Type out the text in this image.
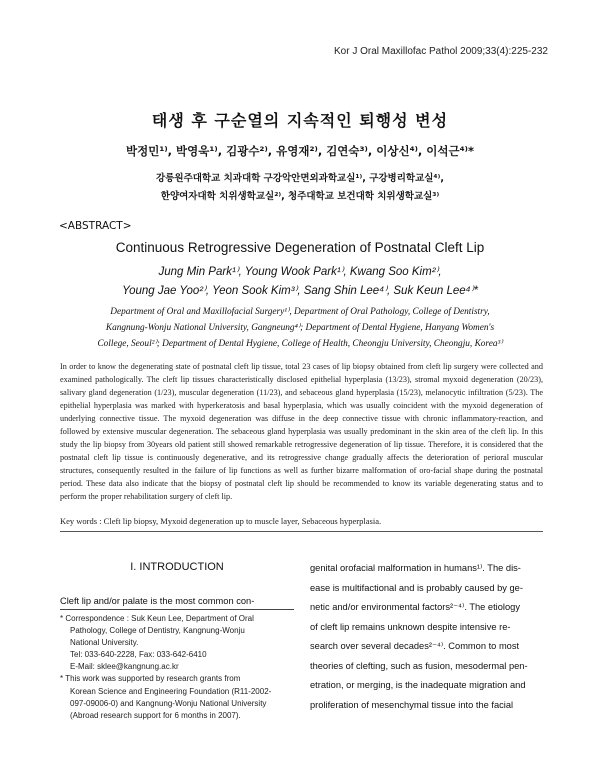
Kor J Oral Maxillofac Pathol 2009;33(4):225-232
태생 후 구순열의 지속적인 퇴행성 변성
박정민¹⁾, 박영욱¹⁾, 김광수²⁾, 유영재²⁾, 김연숙³⁾, 이상신⁴⁾, 이석근⁴⁾*
강릉원주대학교 치과대학 구강악안면외과학교실¹⁾, 구강병리학교실⁴⁾,
한양여자대학 치위생학교실²⁾, 청주대학교 보건대학 치위생학교실³⁾
<ABSTRACT>
Continuous Retrogressive Degeneration of Postnatal Cleft Lip
Jung Min Park¹⁾, Young Wook Park¹⁾, Kwang Soo Kim²⁾,
Young Jae Yoo²⁾, Yeon Sook Kim³⁾, Sang Shin Lee⁴⁾, Suk Keun Lee⁴⁾*
Department of Oral and Maxillofacial Surgery¹⁾, Department of Oral Pathology, College of Dentistry,
Kangnung-Wonju National University, Gangneung⁴⁾; Department of Dental Hygiene, Hanyang Women's
College, Seoul²⁾; Department of Dental Hygiene, College of Health, Cheongju University, Cheongju, Korea³⁾
In order to know the degenerating state of postnatal cleft lip tissue, total 23 cases of lip biopsy obtained from cleft lip surgery were collected and examined pathologically. The cleft lip tissues characteristically disclosed epithelial hyperplasia (13/23), stromal myxoid degeneration (20/23), salivary gland degeneration (1/23), muscular degeneration (11/23), and sebaceous gland hyperplasia (15/23), melanocytic infiltration (5/23). The epithelial hyperplasia was marked with hyperkeratosis and basal hyperplasia, which was usually coincident with the myxoid degeneration of underlying connective tissue. The myxoid degeneration was diffuse in the deep connective tissue with chronic inflammatory-reaction, and followed by extensive muscular degeneration. The sebaceous gland hyperplasia was usually predominant in the skin area of the cleft lip. In this study the lip biopsy from 30years old patient still showed remarkable retrogressive degeneration of lip tissue. Therefore, it is considered that the postnatal cleft lip tissue is continuously degenerative, and its retrogressive change gradually affects the deterioration of perioral muscular structures, consequently resulted in the failure of lip functions as well as further bizarre malformation of oro-facial shape during the postnatal period. These data also indicate that the biopsy of postnatal cleft lip should be recommended to know its variable degenerating status and to perform the proper rehabilitation surgery of cleft lip.
Key words : Cleft lip biopsy, Myxoid degeneration up to muscle layer, Sebaceous hyperplasia.
I. INTRODUCTION
Cleft lip and/or palate is the most common con-
* Correspondence : Suk Keun Lee, Department of Oral
Pathology, College of Dentistry, Kangnung-Wonju
National University.
Tel: 033-640-2228, Fax: 033-642-6410
E-Mail: sklee@kangnung.ac.kr
* This work was supported by research grants from
Korean Science and Engineering Foundation (R11-2002-
097-09006-0) and Kangnung-Wonju National University
(Abroad research support for 6 months in 2007).
genital orofacial malformation in humans¹⁾. The dis-
ease is multifactional and is probably caused by ge-
netic and/or environmental factors²⁻⁴⁾. The etiology
of cleft lip remains unknown despite intensive re-
search over several decades²⁻⁴⁾. Common to most
theories of clefting, such as fusion, mesodermal pen-
etration, or merging, is the inadequate migration and
proliferation of mesenchymal tissue into the facial
